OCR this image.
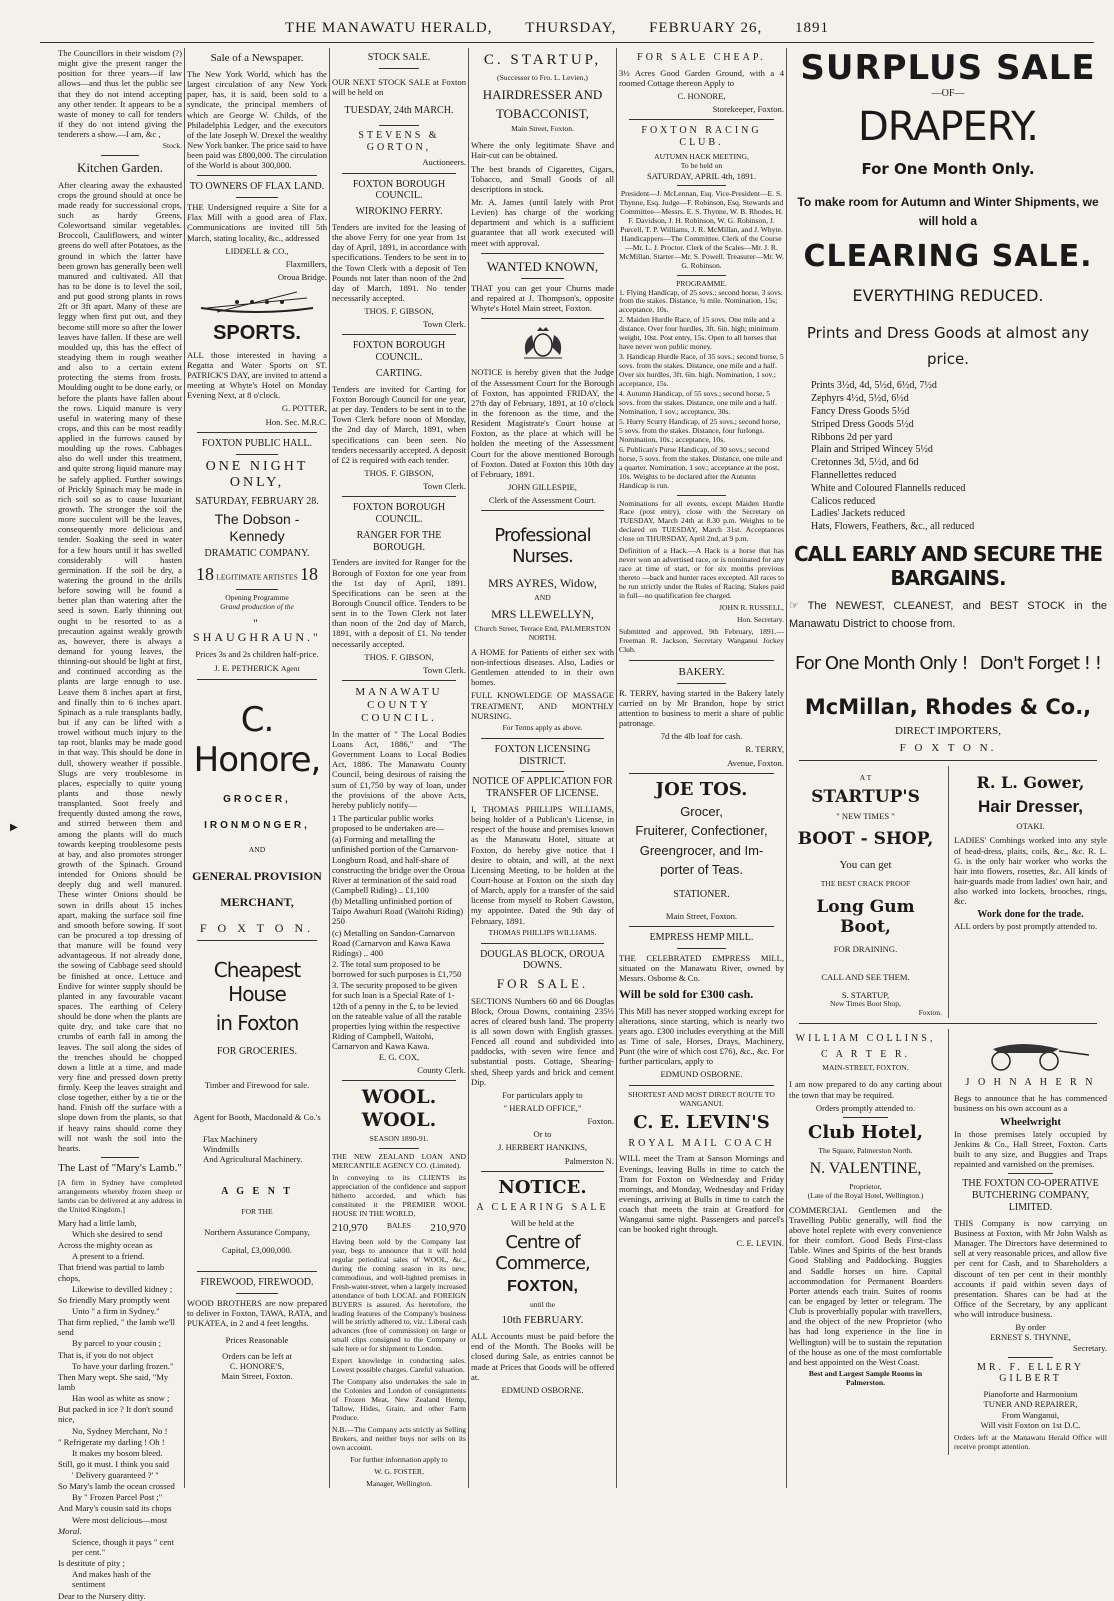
THE MANAWATU HERALD, THURSDAY, FEBRUARY 26, 1891
▶

The Councillors in their wisdom (?) might give the present ranger the position for three years—if law allows—and thus let the public see that they do not intend accepting any other tender. It appears to be a waste of money to call for tenders if they do not intend giving the tenderers a show.—I am, &c ,

Stock.

Kitchen Garden.

After clearing away the exhausted crops the ground should at once be made ready for successional crops, such as hardy Greens, Colewortsand similar vegetables. Broccoli, Cauliflowers, and winter greens do well after Potatoes, as the ground in which the latter have been grown has generally been well manured and cultivated. All that has to be done is to level the soil, and put good strong plants in rows 2ft or 3ft apart. Many of these are leggy when first put out, and they become still more so after the lower leaves have fallen. If these are well moulded up, this has the effect of steadying them in rough weather and also to a certain extent protecting the stems from frosts. Moulding ought to be done early, or before the plants have fallen about the rows. Liquid manure is very useful in watering many of these crops, and this can be most readily applied in the furrows caused by moulding up the rows. Cabbages also do well under this treatment, and quite strong liquid manure may be safely applied. Further sowings of Prickly Spinach may be made in rich soil so as to cause luxuriant growth. The stronger the soil the more succulent will be the leaves, consequently more delicious and tender. Soaking the seed in water for a few hours until it has swelled considerably will hasten germination. If the soil be dry, a watering the ground in the drills before sowing will be found a better plan than watering after the seed is sown. Early thinning out ought to be resorted to as a precaution against weakly growth as, however, there is always a demand for young leaves, the thinning-out should be light at first, and continued according as the plants are large enough to use. Leave them 8 inches apart at first, and finally thin to 6 inches apart. Spinach as a rule transplants badly, but if any can be lifted with a trowel without much injury to the tap root, blanks may be made good in that way. This should be done in dull, showery weather if possible. Slugs are very troublesome in places, especially to quite young plants and those newly transplanted. Soot freely and frequently dusted among the rows, and stirred between them and among the plants will do much towards keeping troublesome pests at bay, and also promotes stronger growth of the Spinach. Ground intended for Onions should be deeply dug and well manured. These winter Onions should be sown in drills about 15 inches apart, making the surface soil fine and smooth before sowing. If soot can be procured a top dressing of that manure will be found very advantageous. If not already done, the sowing of Cabbage seed should be finished at once. Lettuce and Endive for winter supply should be planted in any favourable vacant spaces. The earthing of Celery should be done when the plants are quite dry, and take care that no crumbs of earth fall in among the leaves. The soil along the sides of the trenches should be chopped down a little at a time, and made very fine and pressed down pretty firmly. Keep the leaves straight and close together, either by a tie or the hand. Finish off the surface with a slope down from the plants, so that if heavy rains should come they will not wash the soil into the hearts.

The Last of "Mary's Lamb."

[A firm in Sydney have completed arrangements whereby frozen sheep or lambs can be delivered at any address in the United Kingdom.]

Mary had a little lamb,

Which she desired to send

Across the mighty ocean as

A present to a friend.

That friend was partial to lamb chops,

Likewise to devilled kidney ;

So friendly Mary promptly went

Unto " a firm in Sydney."

That firm replied, " the lamb we'll send

By parcel to your cousin ;

That is, if you do not object

To have your darling frozen."

Then Mary wept. She said, "My lamb

Has wool as white as snow ;

But packed in ice ? It don't sound nice,

No, Sydney Merchant, No !

" Refrigerate my darling ! Oh !

It makes my bosom bleed.

Still, go it must. I think you said

' Delivery guaranteed ?' "

So Mary's lamb the ocean crossed

By " Frozen Parcel Post ;"

And Mary's cousin said its chops

Were most delicious—most

Moral.

Science, though it pays " cent per cent."

Is destitute of pity ;

And makes hash of the sentiment

Dear to the Nursery ditty.

Sale of a Newspaper.

The New York World, which has the largest circulation of any New York paper, has, it is said, been sold to a syndicate, the principal members of which are George W. Childs, of the Philadelphia Ledger, and the executors of the late Joseph W. Drexel the wealthy New York banker. The price said to have been paid was £800,000. The circulation of the World is about 300,000.

TO OWNERS OF FLAX LAND.

THE Undersigned require a Site for a Flax Mill with a good area of Flax. Communications are invited till 5th March, stating locality, &c., addressed

LIDDELL & CO.,

Flaxmillers,

Oroua Bridge.

SPORTS.

ALL those interested in having a Regatta and Water Sports on ST. PATRICK'S DAY, are invited to attend a meeting at Whyte's Hotel on Monday Evening Next, at 8 o'clock.

G. POTTER,

Hon. Sec. M.R.C.

FOXTON PUBLIC HALL.
ONE NIGHT ONLY,
SATURDAY, FEBRUARY 28.
The Dobson - Kennedy
DRAMATIC COMPANY.
18 LEGITIMATE ARTISTES 18
Opening Programme
Grand production of the
" SHAUGHRAUN."
Prices 3s and 2s children half-price.
J. E. PETHERICK Agent
C. Honore,
GROCER,
IRONMONGER,
AND
GENERAL PROVISION
MERCHANT,
F O X T O N.
Cheapest House
in Foxton
FOR GROCERIES.
Timber and Firewood for sale.
Agent for Booth, Macdonald & Co.'s
Flax Machinery
Windmills
And Agricultural Machinery.
A G E N T
FOR THE
Northern Assurance Company,
Capital, £3,000,000.
FIREWOOD, FIREWOOD.

WOOD BROTHERS are now prepared to deliver in Foxton, TAWA, RATA, and PUKATEA, in 2 and 4 feet lengths.

Prices Reasonable
Orders can be left at
C. HONORE'S,
Main Street, Foxton.
STOCK SALE.

OUR NEXT STOCK SALE at Foxton will be held on

TUESDAY, 24th MARCH.
STEVENS & GORTON,

Auctioneers.

FOXTON BOROUGH COUNCIL.
WIROKINO FERRY.

Tenders are invited for the leasing of the above Ferry for one year from 1st day of April, 1891, in accordance with specifications. Tenders to be sent in to the Town Clerk with a deposit of Ten Pounds not later than noon of the 2nd day of March, 1891. No tender necessarily accepted.

THOS. F. GIBSON,

Town Clerk.

FOXTON BOROUGH COUNCIL.
CARTING.

Tenders are invited for Carting for Foxton Borough Council for one year, at per day. Tenders to be sent in to the Town Clerk before noon of Monday, the 2nd day of March, 1891, when specifications can been seen. No tenders necessarily accepted. A deposit of £2 is required with each tender.

THOS. F. GIBSON,

Town Clerk.

FOXTON BOROUGH COUNCIL.
RANGER FOR THE BOROUGH.

Tenders are invited for Ranger for the Borough of Foxton for one year from the 1st day of April, 1891. Specifications can be seen at the Borough Council office. Tenders to be sent in to the Town Clerk not later than noon of the 2nd day of March, 1891, with a deposit of £1. No tender necessarily accepted.

THOS. F. GIBSON,

Town Clerk.

MANAWATU COUNTY COUNCIL.

In the matter of " The Local Bodies Loans Act, 1886," and "The Government Loans to Local Bodies Act, 1886. The Manawatu County Council, being desirous of raising the sum of £1,750 by way of loan, under the provisions of the above Acts, hereby publicly notify—

1 The particular public works proposed to be undertaken are—
(a) Forming and metalling the unfinished portion of the Carnarvon-Longburn Road, and half-share of constructing the bridge over the Oroua River at termination of the said road (Campbell Riding) .. £1,100
(b) Metalling unfinished portion of Taipo Awahuri Road (Waitohi Riding) 250
(c) Metalling on Sandon-Carnarvon Road (Carnarvon and Kawa Kawa Ridings) .. 400
2. The total sum proposed to be borrowed for such purposes is £1,750
3. The security proposed to be given for such loan is a Special Rate of 1-12th of a penny in the £, to be levied on the rateable value of all the ratable properties lying within the respective Riding of Campbell, Waitohi, Carnarvon and Kawa Kawa.

E. G. COX,

County Clerk.

WOOL. WOOL.
SEASON 1890-91.

THE NEW ZEALAND LOAN AND MERCANTILE AGENCY CO. (Limited).

In conveying to its CLIENTS its appreciation of the confidence and support hitherto accorded, and which has constituted it the PREMIER WOOL HOUSE IN THE WORLD,

210,970	BALES 210,970

Having been sold by the Company last year, begs to announce that it will hold regular periodical sales of WOOL, &c., during the coming season in its new, commodious, and well-lighted premises in Fresh-water-street, when a largely increased attendance of both LOCAL and FOREIGN BUYERS is assured. As heretofore, the leading features of the Company's business will be strictly adhered to, viz.: Liberal cash advances (free of commission) on large or small clips consigned to the Company or sale here or for shipment to London.

Expert knowledge in conducting sales. Lowest possible charges. Careful valuation.

The Company also undertakes the sale in the Colonies and London of consignments of Frozen Meat, New Zealand Hemp, Tallow, Hides, Grain, and other Farm Produce.

N.B.—The Company acts strictly as Selling Brokers, and neither buys nor sells on its own account.

For further information apply to

W. G. FOSTER,

Manager, Wellington.

C. STARTUP,
(Successor to Fro. L. Levien,)
HAIRDRESSER AND
TOBACCONIST,
Main Street, Foxton.

Where the only legitimate Shave and Hair-cut can be obtained.

The best brands of Cigarettes, Cigars, Tobacco, and Small Goods of all descriptions in stock.

Mr. A. James (until lately with Prot Levien) has charge of the working department and which is a sufficient guarantee that all work executed will meet with approval.

WANTED KNOWN,

THAT you can get your Churns made and repaired at J. Thompson's, opposite Whyte's Hotel Main street, Foxton.

NOTICE is hereby given that the Judge of the Assessment Court for the Borough of Foxton, has appointed FRIDAY, the 27th day of February, 1891, at 10 o'clock in the forenoon as the time, and the Resident Magistrate's Court house at Foxton, as the place at which will be holden the meeting of the Assessment Court for the above mentioned Borough of Foxton. Dated at Foxton this 10th day of February, 1891.

JOHN GILLESPIE,

Clerk of the Assessment Court.

Professional Nurses.
MRS AYRES, Widow,
AND
MRS LLEWELLYN,
Church Street, Terrace End, PALMERSTON NORTH.

A HOME for Patients of either sex with non-infectious diseases. Also, Ladies or Gentlemen attended to in their own homes.

FULL KNOWLEDGE OF MASSAGE TREATMENT, AND MONTHLY NURSING.

For Terms apply as above.

FOXTON LICENSING DISTRICT.
NOTICE OF APPLICATION FOR TRANSFER OF LICENSE.

I, THOMAS PHILLIPS WILLIAMS, being holder of a Publican's License, in respect of the house and premises known as the Manawatu Hotel, situate at Foxton, do hereby give notice that I desire to obtain, and will, at the next Licensing Meeting, to be holden at the Court-house at Foxton on the sixth day of March, apply for a transfer of the said license from myself to Robert Cawston, my appointee. Dated the 9th day of February, 1891.

THOMAS PHILLIPS WILLIAMS.

DOUGLAS BLOCK, OROUA DOWNS.
FOR SALE.

SECTIONS Numbers 60 and 66 Douglas Block, Oroua Downs, containing 235½ acres of cleared bush land. The property is all sown down with English grasses. Fenced all round and subdivided into paddocks, with seven wire fence and substantial posts. Cottage, Shearing-shed, Sheep yards and brick and cement Dip.

For particulars apply to

" HERALD OFFICE,"

Foxton.

Or to

J. HERBERT HANKINS,

Palmerston N.

NOTICE.
A CLEARING SALE
Will be held at the
Centre of Commerce,
FOXTON,
until the
10th FEBRUARY.

ALL Accounts must be paid before the end of the Month. The Books will be closed during Sale, as entries cannot be made at Prices that Goods will be offered at.

EDMUND OSBORNE.

FOR SALE CHEAP.

3½ Acres Good Garden Ground, with a 4 roomed Cottage thereon Apply to

C. HONORE,

Storekeeper, Foxton.

FOXTON RACING CLUB.
AUTUMN HACK MEETING,
To be held on
SATURDAY, APRIL 4th, 1891.

President—J. McLennan, Esq. Vice-President—E. S. Thynne, Esq. Judge—F. Robinson, Esq. Stewards and Committee—Messrs. E. S. Thynne, W. B. Rhodes, H. F. Davidson, J. H. Robinson, W. G. Robinson, J. Purcell, T. P. Williams, J. R. McMillan, and J. Whyte. Handicappers—The Committee. Clerk of the Course—Mr. L. J. Proctor. Clerk of the Scales—Mr. J. R. McMillan. Starter—Mr. S. Powell. Treasurer—Mr. W. G. Robinson.

PROGRAMME.
1. Flying Handicap, of 25 sovs.; second horse, 3 sovs. from the stakes. Distance, ¾ mile. Nomination, 15s; acceptance, 10s.
2. Maiden Hurdle Race, of 15 sovs. One mile and a distance. Over four hurdles, 3ft. 6in. high; minimum weight, 10st. Post entry, 15s. Open to all horses that have never won public money.
3. Handicap Hurdle Race, of 35 sovs.; second horse, 5 sovs. from the stakes. Distance, one mile and a half. Over six hurdles, 3ft. 6in. high. Nomination, 1 sov.; acceptance, 15s.
4. Autumn Handicap, of 55 sovs.; second horse, 5 sovs. from the stakes. Distance, one mile and a half. Nomination, 1 sov.; acceptance, 30s.
5. Hurry Scurry Handicap, of 25 sovs.; second horse, 5 sovs. from the stakes. Distance, four furlongs. Nomination, 10s.; acceptance, 10s.
6. Publican's Purse Handicap, of 30 sovs.; second horse, 5 sovs. from the stakes. Distance, one mile and a quarter. Nomination, 1 sov.; acceptance at the post, 10s. Weights to be declared after the Autumn Handicap is run.

Nominations for all events, except Maiden Hurdle Race (post entry), close with the Secretary on TUESDAY, March 24th at 8.30 p.m. Weights to be declared on TUESDAY, March 31st. Acceptances close on THURSDAY, April 2nd, at 9 p.m.

Definition of a Hack.—A Hack is a horse that has never won an advertised race, or is nominated for any race at time of start, or for six months previous thereto —back and hunter races excepted. All races to be run strictly under the Rules of Racing. Stakes paid in full—no qualification fee charged.

JOHN R. RUSSELL,

Hon. Secretary.

Submitted and approved, 9th February, 1891.—Freeman R. Jackson, Secretary Wanganui Jockey Club.

BAKERY.

R. TERRY, having started in the Bakery lately carried on by Mr Brandon, hope by strict attention to business to merit a share of public patronage.

7d the 4lb loaf for cash.

R. TERRY,

Avenue, Foxton.

JOE TOS.
Grocer,
Fruiterer, Confectioner,
Greengrocer, and Im-
porter of Teas.
STATIONER.
Main Street, Foxton.
EMPRESS HEMP MILL.

THE CELEBRATED EMPRESS MILL, situated on the Manawatu River, owned by Messrs. Osborne & Co.

Will be sold for £300 cash.

This Mill has never stopped working except for alterations, since starting, which is nearly two years ago. £300 includes everything at the Mill as Time of sale, Horses, Drays, Machinery, Punt (the wire of which cost £76), &c., &c. For further particulars, apply to

EDMUND OSBORNE.

SHORTEST AND MOST DIRECT ROUTE TO WANGANUI.
C. E. LEVIN'S
ROYAL MAIL COACH

WILL meet the Tram at Sanson Mornings and Evenings, leaving Bulls in time to catch the Tram for Foxton on Wednesday and Friday mornings, and Monday, Wednesday and Friday evenings, arriving at Bulls in time to catch the coach that meets the train at Greatford for Wanganui same night. Passengers and parcel's can be booked right through.

C. E. LEVIN.

SURPLUS SALE
—OF—
DRAPERY.
For One Month Only.
To make room for Autumn and Winter Shipments, we will hold a
CLEARING SALE.
EVERYTHING REDUCED.
Prints and Dress Goods at almost any price.
Prints 3½d, 4d, 5½d, 6½d, 7½d
Zephyrs 4½d, 5½d, 6½d
Fancy Dress Goods 5½d
Striped Dress Goods 5½d
Ribbons 2d per yard
Plain and Striped Wincey 5½d
Cretonnes 3d, 5½d, and 6d
Flannellettes reduced
White and Coloured Flannells reduced
Calicos reduced
Ladies' Jackets reduced
Hats, Flowers, Feathers, &c., all reduced
CALL EARLY AND SECURE THE BARGAINS.

☞ The NEWEST, CLEANEST, and BEST STOCK in the Manawatu District to choose from.

For One Month Only ! Don't Forget ! !
McMillan, Rhodes & Co.,
DIRECT IMPORTERS,
F O X T O N.
A T
STARTUP'S
" NEW TIMES "
BOOT - SHOP,
You can get
THE BEST CRACK PROOF
Long Gum Boot,
FOR DRAINING.
CALL AND SEE THEM.
S. STARTUP,
New Times Boot Shop,
Foxton.
R. L. Gower,
Hair Dresser,
OTAKI.

LADIES' Combings worked into any style of head-dress, plaits, coils, &c., &c. R. L. G. is the only hair worker who works the hair into flowers, rosettes, &c. All kinds of hair-guards made from ladies' own hair, and also worked into lockets, brooches, rings, &c.

Work done for the trade.

ALL orders by post promptly attended to.

WILLIAM COLLINS,
C A R T E R.
MAIN-STREET, FOXTON.

I am now prepared to do any carting about the town that may be required.

Orders promptly attended to.
Club Hotel,
The Square, Palmerston North.
N. VALENTINE,
Proprietor,
(Late of the Royal Hotel, Wellington.)

COMMERCIAL Gentlemen and the Travelling Public generally, will find the above hotel replete with every convenience for their comfort. Good Beds First-class Table. Wines and Spirits of the best brands Good Stabling and Paddocking. Buggies and Saddle horses on hire. Capital accommodation for Permanent Boarders Porter attends each train. Suites of rooms can be engaged by letter or telegram. The Club is proverbially popular with travellers, and the object of the new Proprietor (who has had long experience in the line in Wellington) will be to sustain the reputation of the house as one of the most comfortable and best appointed on the West Coast.

Best and Largest Sample Rooms in Palmerston.
J O H N A H E R N

Begs to announce that he has commenced business on his own account as a

Wheelwright

In those premises lately occupied by Jenkins & Co., Hall Street, Foxton. Carts built to any size, and Buggies and Traps repainted and varnished on the premises.

THE FOXTON CO-OPERATIVE BUTCHERING COMPANY, LIMITED.

THIS Company is now carrying on Business at Foxton, with Mr John Walsh as Manager. The Directors have determined to sell at very reasonable prices, and allow five per cent for Cash, and to Shareholders a discount of ten per cent in their monthly accounts if paid within seven days of presentation. Shares can be had at the Office of the Secretary, by any applicant who will introduce business.

By order
ERNEST S. THYNNE,
Secretary.
MR. F. ELLERY GILBERT
Pianoforte and Harmonium
TUNER AND REPAIRER,
From Wanganui,
Will visit Foxton on 1st D.C.

Orders left at the Manawatu Herald Office will receive prompt attention.
